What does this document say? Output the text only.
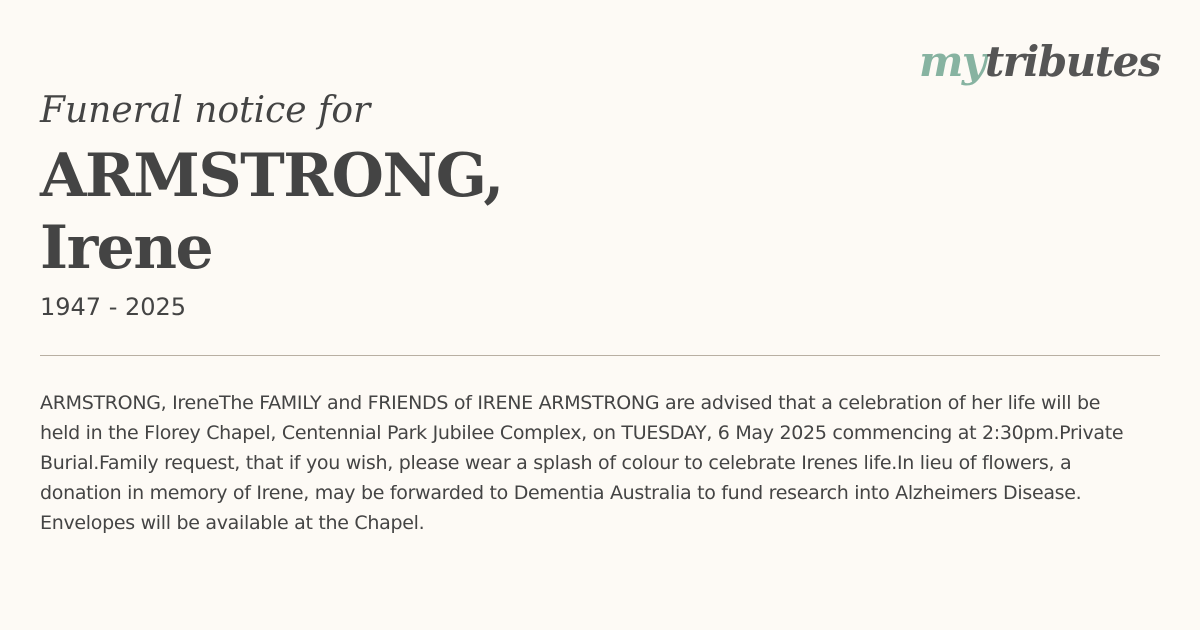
mytributes
Funeral notice for
ARMSTRONG,
Irene
1947 - 2025

ARMSTRONG, IreneThe FAMILY and FRIENDS of IRENE ARMSTRONG are advised that a celebration of her life will be held in the Florey Chapel, Centennial Park Jubilee Complex, on TUESDAY, 6 May 2025 commencing at 2:30pm.Private Burial.Family request, that if you wish, please wear a splash of colour to celebrate Irenes life.In lieu of flowers, a donation in memory of Irene, may be forwarded to Dementia Australia to fund research into Alzheimers Disease.  Envelopes will be available at the Chapel.
